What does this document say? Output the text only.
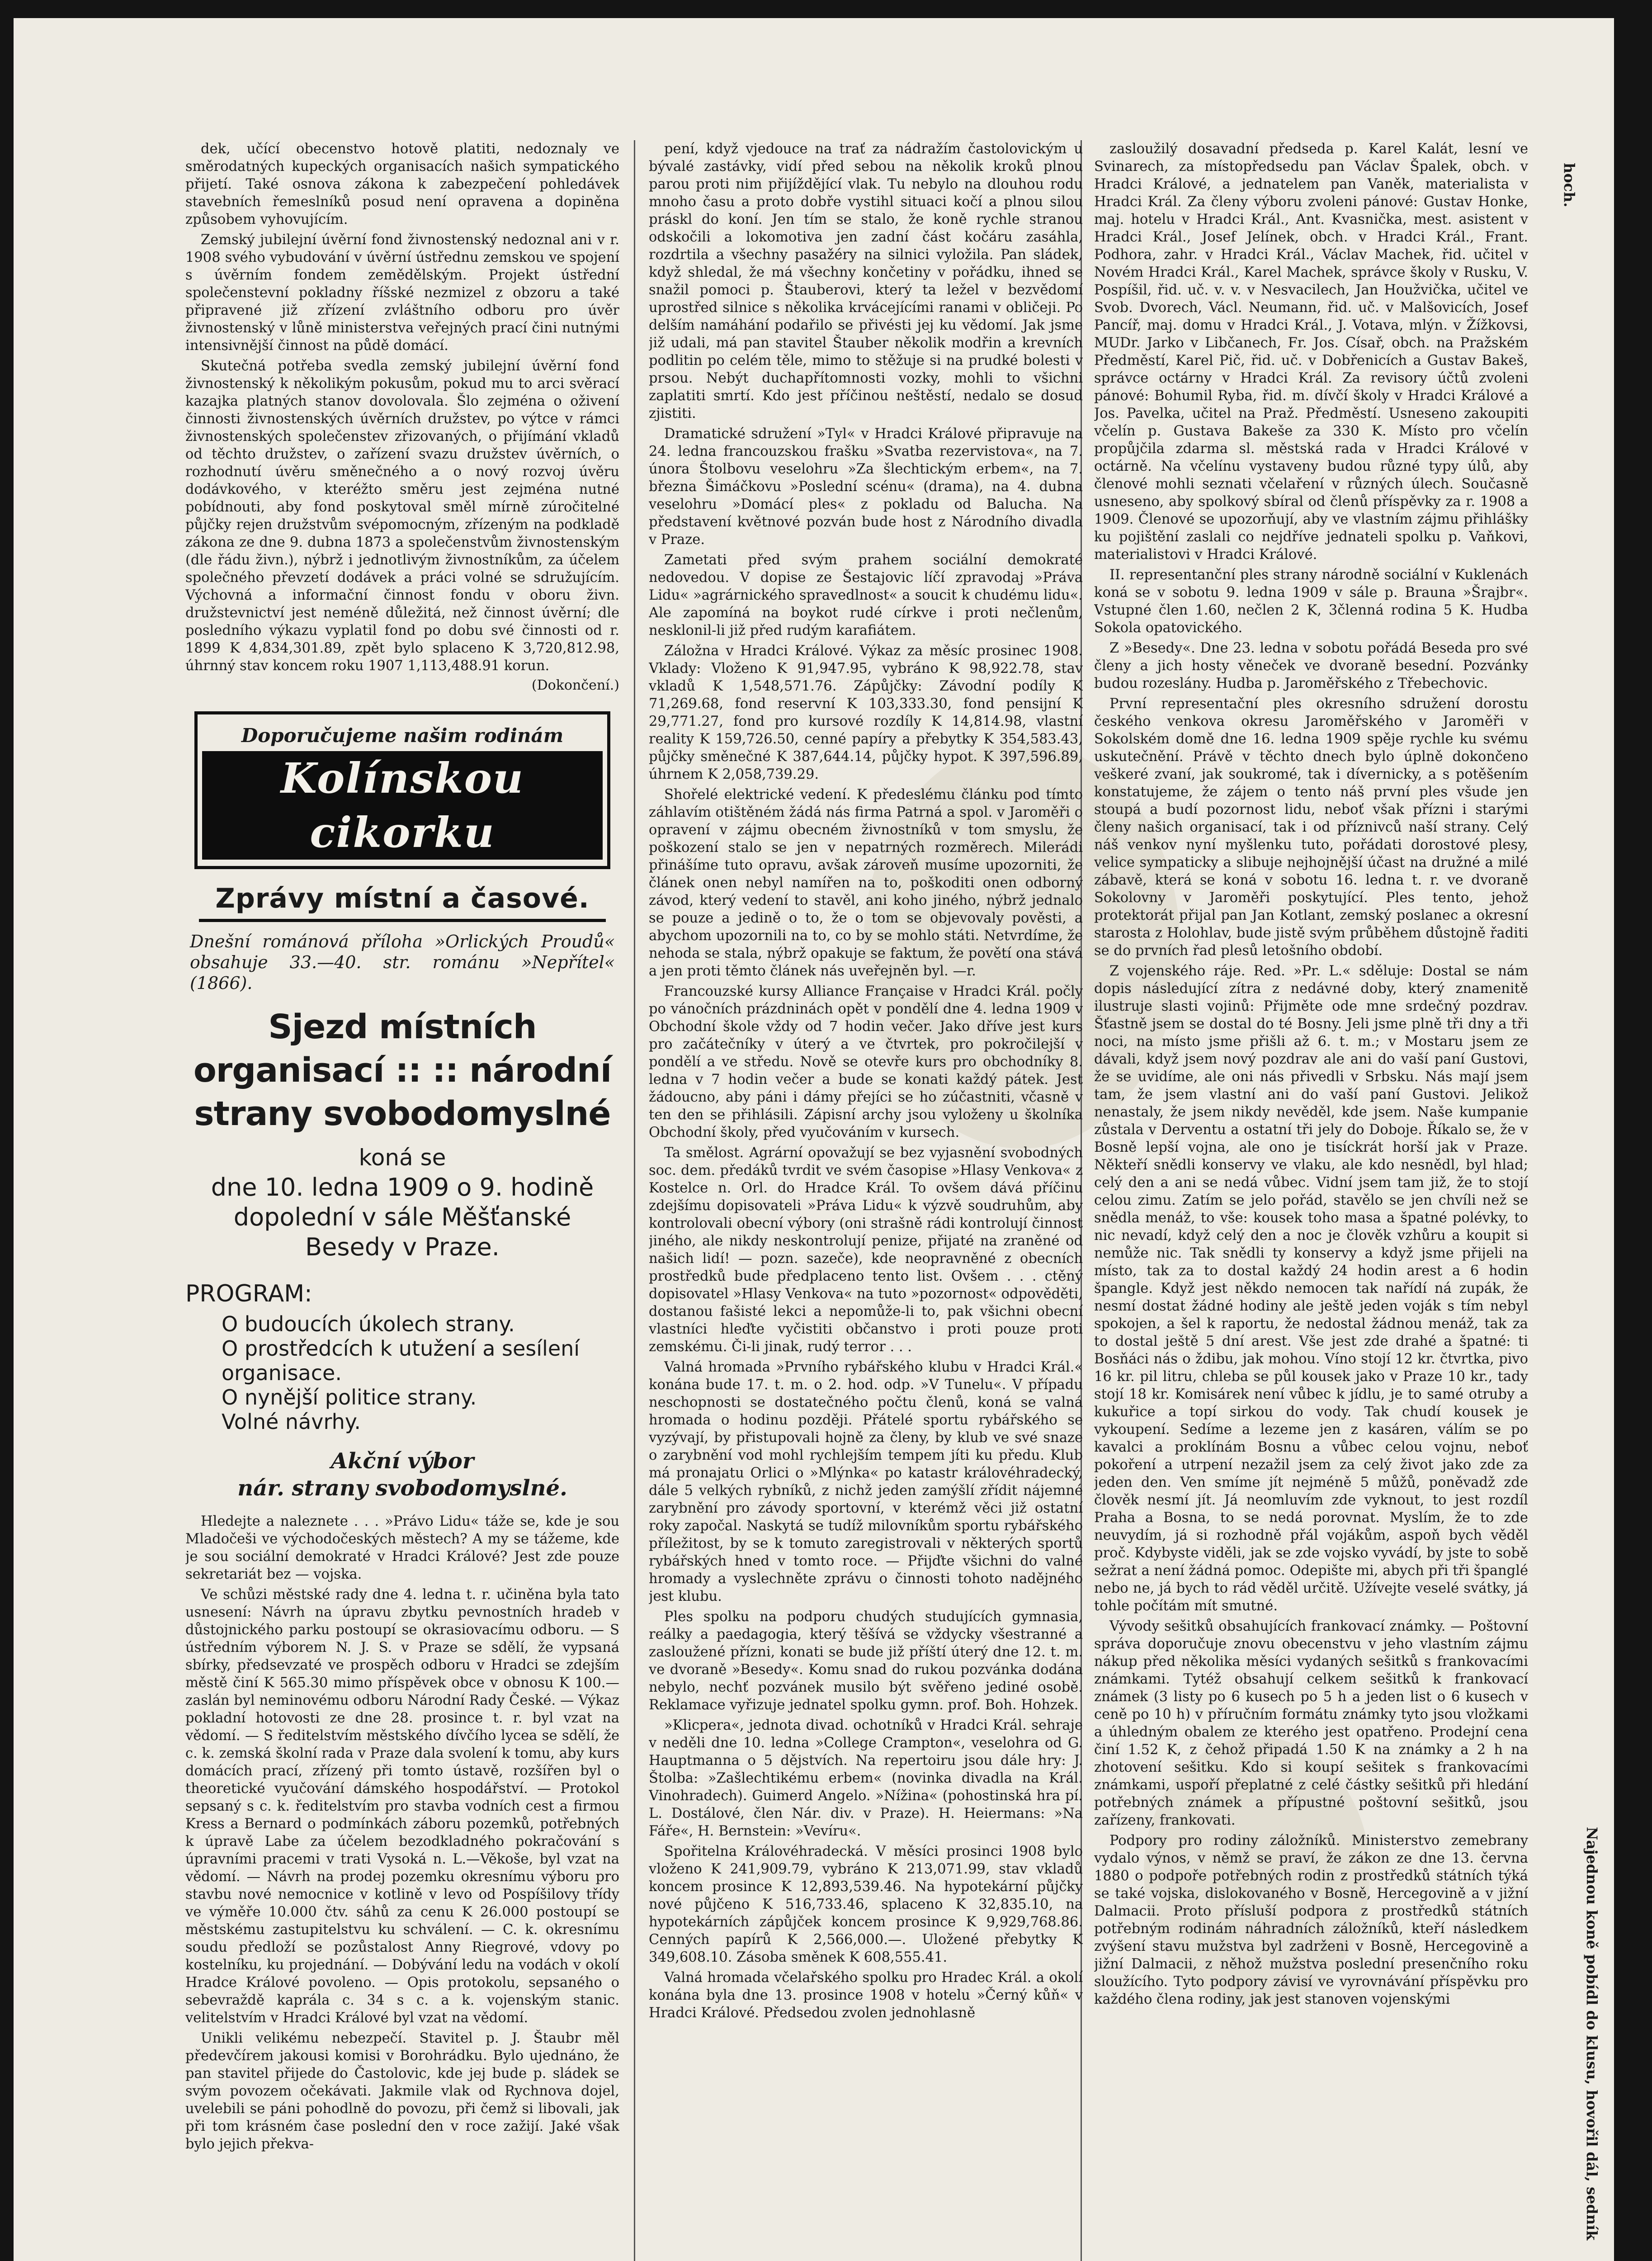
dek, učící obecenstvo hotově platiti, nedoznaly ve směrodatných kupeckých organisacích našich sympatického přijetí. Také osnova zákona k zabezpečení pohledávek stavebních řemeslníků posud není opravena a dopiněna způsobem vyhovujícím.

Zemský jubilejní úvěrní fond živnostenský nedoznal ani v r. 1908 svého vybudování v úvěrní ústřednu zemskou ve spojení s úvěrním fondem zemědělským. Projekt ústřední společenstevní pokladny říšské nezmizel z obzoru a také připravené již zřízení zvláštního odboru pro úvěr živnostenský v lůně ministerstva veřejných prací čini nutnými intensivnější činnost na půdě domácí.

Skutečná potřeba svedla zemský jubilejní úvěrní fond živnostenský k několikým pokusům, pokud mu to arci svěrací kazajka platných stanov dovolovala. Šlo zejména o oživení činnosti živnostenských úvěrních družstev, po výtce v rámci živnostenských společenstev zřizovaných, o přijímání vkladů od těchto družstev, o zařízení svazu družstev úvěrních, o rozhodnutí úvěru směnečného a o nový rozvoj úvěru dodávkového, v kteréžto směru jest zejména nutné pobídnouti, aby fond poskytoval směl mírně zúročitelné půjčky rejen družstvům svépomocným, zřízeným na podkladě zákona ze dne 9. dubna 1873 a společenstvům živnostenským (dle řádu živn.), nýbrž i jednotlivým živnostníkům, za účelem společného převzetí dodávek a práci volné se sdružujícím. Výchovná a informační činnost fondu v oboru živn. družstevnictví jest neméně důležitá, než činnost úvěrní; dle posledního výkazu vyplatil fond po dobu své činnosti od r. 1899 K 4,834,301.89, zpět bylo splaceno K 3,720,812.98, úhrnný stav koncem roku 1907 1,113,488.91 korun.

(Dokončení.)

Doporučujeme našim rodinám
Kolínskou cikorku
Zprávy místní a časové.
Dnešní románová příloha »Orlických Proudů« obsahuje 33.—40. str. románu »Nepřítel« (1866).
Sjezd místních organisací :: :: národní strany svobodomyslné
koná se
dne 10. ledna 1909 o 9. hodině dopolední v sále Měšťanské Besedy v Praze.
PROGRAM:
O budoucích úkolech strany.
O prostředcích k utužení a sesílení organisace.
O nynější politice strany.
Volné návrhy.
Akční výbor
nár. strany svobodomyslné.

Hledejte a naleznete . . . »Právo Lidu« táže se, kde je sou Mladočeši ve východočeských městech? A my se tážeme, kde je sou sociální demokraté v Hradci Králové? Jest zde pouze sekretariát bez — vojska.

Ve schůzi městské rady dne 4. ledna t. r. učiněna byla tato usnesení: Návrh na úpravu zbytku pevnostních hradeb v důstojnického parku postoupí se okrasiovacímu odboru. — S ústředním výborem N. J. S. v Praze se sdělí, že vypsaná sbírky, předsevzaté ve prospěch odboru v Hradci se zdejším městě činí K 565.30 mimo příspěvek obce v obnosu K 100.— zaslán byl neminovému odboru Národní Rady České. — Výkaz pokladní hotovosti ze dne 28. prosince t. r. byl vzat na vědomí. — S ředitelstvím městského dívčího lycea se sdělí, že c. k. zemská školní rada v Praze dala svolení k tomu, aby kurs domácích prací, zřízený při tomto ústavě, rozšířen byl o theoretické vyučování dámského hospodářství. — Protokol sepsaný s c. k. ředitelstvím pro stavba vodních cest a firmou Kress a Bernard o podmínkách záboru pozemků, potřebných k úpravě Labe za účelem bezodkladného pokračování s úpravními pracemi v trati Vysoká n. L.—Věkoše, byl vzat na vědomí. — Návrh na prodej pozemku okresnímu výboru pro stavbu nové nemocnice v kotlině v levo od Pospíšilovy třídy ve výměře 10.000 čtv. sáhů za cenu K 26.000 postoupí se městskému zastupitelstvu ku schválení. — C. k. okresnímu soudu předloží se pozůstalost Anny Riegrové, vdovy po kostelníku, ku projednání. — Dobývání ledu na vodách v okolí Hradce Králové povoleno. — Opis protokolu, sepsaného o sebevraždě kaprála c. 34 s c. a k. vojenským stanic. velitelstvím v Hradci Králové byl vzat na vědomí.

Unikli velikému nebezpečí. Stavitel p. J. Štaubr měl předevčírem jakousi komisi v Borohrádku. Bylo ujednáno, že pan stavitel přijede do Častolovic, kde jej bude p. sládek se svým povozem očekávati. Jakmile vlak od Rychnova dojel, uvelebili se páni pohodlně do povozu, při čemž si libovali, jak při tom krásném čase poslední den v roce zažijí. Jaké však bylo jejich překva-

pení, když vjedouce na trať za nádražím častolovickým u bývalé zastávky, vidí před sebou na několik kroků plnou parou proti nim přijíždějící vlak. Tu nebylo na dlouhou rodu mnoho času a proto dobře vystihl situaci kočí a plnou silou práskl do koní. Jen tím se stalo, že koně rychle stranou odskočili a lokomotiva jen zadní část kočáru zasáhla, rozdrtila a všechny pasažéry na silnici vyložila. Pan sládek, když shledal, že má všechny končetiny v pořádku, ihned se snažil pomoci p. Štauberovi, který ta ležel v bezvědomí uprostřed silnice s několika krvácejícími ranami v obličeji. Po delším namáhání podařilo se přivésti jej ku vědomí. Jak jsme již udali, má pan stavitel Štauber několik modřin a krevních podlitin po celém těle, mimo to stěžuje si na prudké bolesti v prsou. Nebýt duchapřítomnosti vozky, mohli to všichni zaplatiti smrtí. Kdo jest příčinou neštěstí, nedalo se dosud zjistiti.

Dramatické sdružení »Tyl« v Hradci Králové připravuje na 24. ledna francouzskou frašku »Svatba rezervistova«, na 7. února Štolbovu veselohru »Za šlechtickým erbem«, na 7. března Šimáčkovu »Poslední scénu« (drama), na 4. dubna veselohru »Domácí ples« z pokladu od Balucha. Na představení květnové pozván bude host z Národního divadla v Praze.

Zametati před svým prahem sociální demokraté nedovedou. V dopise ze Šestajovic líčí zpravodaj »Práva Lidu« »agrárnického spravedlnost« a soucit k chudému lidu«. Ale zapomíná na boykot rudé církve i proti nečlenům, nesklonil-li již před rudým karafiátem.

Záložna v Hradci Králové. Výkaz za měsíc prosinec 1908. Vklady: Vloženo K 91,947.95, vybráno K 98,922.78, stav vkladů K 1,548,571.76. Zápůjčky: Závodní podíly K 71,269.68, fond reservní K 103,333.30, fond pensijní K 29,771.27, fond pro kursové rozdíly K 14,814.98, vlastní reality K 159,726.50, cenné papíry a přebytky K 354,583.43, půjčky směnečné K 387,644.14, půjčky hypot. K 397,596.89, úhrnem K 2,058,739.29.

Shořelé elektrické vedení. K předeslému článku pod tímto záhlavím otištěném žádá nás firma Patrná a spol. v Jaroměři o opravení v zájmu obecném živnostníků v tom smyslu, že poškození stalo se jen v nepatrných rozměrech. Milerádi přinášíme tuto opravu, avšak zároveň musíme upozorniti, že článek onen nebyl namířen na to, poškoditi onen odborný závod, který vedení to stavěl, ani koho jiného, nýbrž jednalo se pouze a jedině o to, že o tom se objevovaly pověsti, a abychom upozornili na to, co by se mohlo státi. Netvrdíme, že nehoda se stala, nýbrž opakuje se faktum, že povětí ona stává a jen proti těmto článek nás uveřejněn byl. —r.

Francouzské kursy Alliance Française v Hradci Král. počly po vánočních prázdninách opět v pondělí dne 4. ledna 1909 v Obchodní škole vždy od 7 hodin večer. Jako dříve jest kurs pro začátečníky v úterý a ve čtvrtek, pro pokročilejší v pondělí a ve středu. Nově se otevře kurs pro obchodníky 8. ledna v 7 hodin večer a bude se konati každý pátek. Jest žádoucno, aby páni i dámy přejíci se ho zúčastniti, včasně v ten den se přihlásili. Zápisní archy jsou vyloženy u školníka Obchodní školy, před vyučováním v kursech.

Ta smělost. Agrární opovažují se bez vyjasnění svobodných soc. dem. předáků tvrdit ve svém časopise »Hlasy Venkova« z Kostelce n. Orl. do Hradce Král. To ovšem dává příčinu zdejšímu dopisovateli »Práva Lidu« k výzvě soudruhům, aby kontrolovali obecní výbory (oni strašně rádi kontrolují činnost jiného, ale nikdy neskontrolují penize, přijaté na zraněné od našich lidí! — pozn. sazeče), kde neopravněné z obecních prostředků bude předplaceno tento list. Ovšem . . . ctěný dopisovatel »Hlasy Venkova« na tuto »pozornost« odpověděti, dostanou fašisté lekci a nepomůže-li to, pak všichni obecní vlastníci hleďte vyčistiti občanstvo i proti pouze proti zemskému. Či-li jinak, rudý terror . . .

Valná hromada »Prvního rybářského klubu v Hradci Král.« konána bude 17. t. m. o 2. hod. odp. »V Tunelu«. V případu neschopnosti se dostatečného počtu členů, koná se valná hromada o hodinu později. Přátelé sportu rybářského se vyzývají, by přistupovali hojně za členy, by klub ve své snaze o zarybnění vod mohl rychlejším tempem jíti ku předu. Klub má pronajatu Orlici o »Mlýnka« po katastr královéhradecký, dále 5 velkých rybníků, z nichž jeden zamýšlí zřídit nájemné zarybnění pro závody sportovní, v kterémž věci již ostatní roky započal. Naskytá se tudíž milovníkům sportu rybářského příležitost, by se k tomuto zaregistrovali v některých sportů rybářských hned v tomto roce. — Přijďte všichni do valné hromady a vyslechněte zprávu o činnosti tohoto nadějného jest klubu.

Ples spolku na podporu chudých studujících gymnasia, reálky a paedagogia, který těšívá se vždycky všestranné a zasloužené přízni, konati se bude již příští úterý dne 12. t. m. ve dvoraně »Besedy«. Komu snad do rukou pozvánka dodána nebylo, nechť pozvánek musilo být svěřeno jediné osobě. Reklamace vyřizuje jednatel spolku gymn. prof. Boh. Hohzek.

»Klicpera«, jednota divad. ochotníků v Hradci Král. sehraje v neděli dne 10. ledna »College Crampton«, veselohra od G. Hauptmanna o 5 dějstvích. Na repertoiru jsou dále hry: J. Štolba: »Zašlechtikému erbem« (novinka divadla na Král. Vinohradech). Guimerd Angelo. »Nížina« (pohostinská hra pí. L. Dostálové, člen Nár. div. v Praze). H. Heiermans: »Na Fáře«, H. Bernstein: »Vevíru«.

Spořitelna Královéhradecká. V měsíci prosinci 1908 bylo vloženo K 241,909.79, vybráno K 213,071.99, stav vkladů koncem prosince K 12,893,539.46. Na hypotekární půjčky nové půjčeno K 516,733.46, splaceno K 32,835.10, na hypotekárních zápůjček koncem prosince K 9,929,768.86. Cenných papírů K 2,566,000.—. Uložené přebytky K 349,608.10. Zásoba směnek K 608,555.41.

Valná hromada včelařského spolku pro Hradec Král. a okolí konána byla dne 13. prosince 1908 v hotelu »Černý kůň« v Hradci Králové. Předsedou zvolen jednohlasně

zasloužilý dosavadní předseda p. Karel Kalát, lesní ve Svinarech, za místopředsedu pan Václav Špalek, obch. v Hradci Králové, a jednatelem pan Vaněk, materialista v Hradci Král. Za členy výboru zvoleni pánové: Gustav Honke, maj. hotelu v Hradci Král., Ant. Kvasnička, mest. asistent v Hradci Král., Josef Jelínek, obch. v Hradci Král., Frant. Podhora, zahr. v Hradci Král., Václav Machek, řid. učitel v Novém Hradci Král., Karel Machek, správce školy v Rusku, V. Pospíšil, řid. uč. v. v. v Nesvacilech, Jan Houžvička, učitel ve Svob. Dvorech, Václ. Neumann, řid. uč. v Malšovicích, Josef Pancíř, maj. domu v Hradci Král., J. Votava, mlýn. v Žížkovsi, MUDr. Jarko v Libčanech, Fr. Jos. Císař, obch. na Pražském Předměstí, Karel Pič, řid. uč. v Dobřenicích a Gustav Bakeš, správce octárny v Hradci Král. Za revisory účtů zvoleni pánové: Bohumil Ryba, řid. m. dívčí školy v Hradci Králové a Jos. Pavelka, učitel na Praž. Předměstí. Usneseno zakoupiti včelín p. Gustava Bakeše za 330 K. Místo pro včelín propůjčila zdarma sl. městská rada v Hradci Králové v octárně. Na včelínu vystaveny budou různé typy úlů, aby členové mohli seznati včelaření v různých úlech. Současně usneseno, aby spolkový sbíral od členů příspěvky za r. 1908 a 1909. Členové se upozorňují, aby ve vlastním zájmu přihlášky ku pojištění zaslali co nejdříve jednateli spolku p. Vaňkovi, materialistovi v Hradci Králové.

II. representanční ples strany národně sociální v Kuklenách koná se v sobotu 9. ledna 1909 v sále p. Brauna »Šrajbr«. Vstupné člen 1.60, nečlen 2 K, 3členná rodina 5 K. Hudba Sokola opatovického.

Z »Besedy«. Dne 23. ledna v sobotu pořádá Beseda pro své členy a jich hosty věneček ve dvoraně besední. Pozvánky budou rozeslány. Hudba p. Jaroměřského z Třebechovic.

První representační ples okresního sdružení dorostu českého venkova okresu Jaroměřského v Jaroměři v Sokolském domě dne 16. ledna 1909 spěje rychle ku svému uskutečnění. Právě v těchto dnech bylo úplně dokončeno veškeré zvaní, jak soukromé, tak i dívernicky, a s potěšením konstatujeme, že zájem o tento náš první ples všude jen stoupá a budí pozornost lidu, neboť však přízni i starými členy našich organisací, tak i od příznivců naší strany. Celý náš venkov nyní myšlenku tuto, pořádati dorostové plesy, velice sympaticky a slibuje nejhojnější účast na družné a milé zábavě, která se koná v sobotu 16. ledna t. r. ve dvoraně Sokolovny v Jaroměři poskytující. Ples tento, jehož protektorát přijal pan Jan Kotlant, zemský poslanec a okresní starosta z Holohlav, bude jistě svým průběhem důstojně řaditi se do prvních řad plesů letošního období.

Z vojenského ráje. Red. »Pr. L.« sděluje: Dostal se nám dopis následující zítra z nedávné doby, který znamenitě ilustruje slasti vojinů: Přijměte ode mne srdečný pozdrav. Šťastně jsem se dostal do té Bosny. Jeli jsme plně tři dny a tři noci, na místo jsme přišli až 6. t. m.; v Mostaru jsem ze dávali, když jsem nový pozdrav ale ani do vaší paní Gustovi, že se uvidíme, ale oni nás přivedli v Srbsku. Nás mají jsem tam, že jsem vlastní ani do vaší paní Gustovi. Jelikož nenastaly, že jsem nikdy nevěděl, kde jsem. Naše kumpanie zůstala v Derventu a ostatní tři jely do Doboje. Říkalo se, že v Bosně lepší vojna, ale ono je tisíckrát horší jak v Praze. Někteří snědli konservy ve vlaku, ale kdo nesnědl, byl hlad; celý den a ani se nedá vůbec. Vidní jsem tam již, že to stojí celou zimu. Zatím se jelo pořád, stavělo se jen chvíli než se snědla menáž, to vše: kousek toho masa a špatné polévky, to nic nevadí, když celý den a noc je člověk vzhůru a koupit si nemůže nic. Tak snědli ty konservy a když jsme přijeli na místo, tak za to dostal každý 24 hodin arest a 6 hodin špangle. Když jest někdo nemocen tak nařídí ná zupák, že nesmí dostat žádné hodiny ale ještě jeden voják s tím nebyl spokojen, a šel k raportu, že nedostal žádnou menáž, tak za to dostal ještě 5 dní arest. Vše jest zde drahé a špatné: ti Bosňáci nás o ždibu, jak mohou. Víno stojí 12 kr. čtvrtka, pivo 16 kr. pil litru, chleba se půl kousek jako v Praze 10 kr., tady stojí 18 kr. Komisárek není vůbec k jídlu, je to samé otruby a kukuřice a topí sirkou do vody. Tak chudí kousek je vykoupení. Sedíme a lezeme jen z kasáren, válím se po kavalci a proklínám Bosnu a vůbec celou vojnu, neboť pokoření a utrpení nezažil jsem za celý život jako zde za jeden den. Ven smíme jít nejméně 5 můžů, poněvadž zde člověk nesmí jít. Já neomluvím zde vyknout, to jest rozdíl Praha a Bosna, to se nedá porovnat. Myslím, že to zde neuvydím, já si rozhodně přál vojákům, aspoň bych věděl proč. Kdybyste viděli, jak se zde vojsko vyvádí, by jste to sobě sežrat a není žádná pomoc. Odepište mi, abych při tři španglé nebo ne, já bych to rád věděl určitě. Užívejte veselé svátky, já tohle počítám mít smutné.

Vývody sešitků obsahujících frankovací známky. — Poštovní správa doporučuje znovu obecenstvu v jeho vlastním zájmu nákup před několika měsíci vydaných sešitků s frankovacími známkami. Tytéž obsahují celkem sešitků k frankovací známek (3 listy po 6 kusech po 5 h a jeden list o 6 kusech v ceně po 10 h) v příručním formátu známky tyto jsou vložkami a úhledným obalem ze kterého jest opatřeno. Prodejní cena činí 1.52 K, z čehož připadá 1.50 K na známky a 2 h na zhotovení sešitku. Kdo si koupí sešitek s frankovacími známkami, uspoří přeplatné z celé částky sešitků při hledání potřebných známek a přípustné poštovní sešitků, jsou zařízeny, frankovati.

Podpory pro rodiny záložníků. Ministerstvo zemebrany vydalo výnos, v němž se praví, že zákon ze dne 13. června 1880 o podpoře potřebných rodin z prostředků státních týká se také vojska, dislokovaného v Bosně, Hercegovině a v jižní Dalmacii. Proto přísluší podpora z prostředků státních potřebným rodinám náhradních záložníků, kteří následkem zvýšení stavu mužstva byl zadrženi v Bosně, Hercegovině a jižní Dalmacii, z něhož mužstva poslední presenčního roku sloužícího. Tyto podpory závisí ve vyrovnávání příspěvku pro každého člena rodiny, jak jest stanoven vojenskými

hoch.
Najednou koně pobídl do klusu, hovořil dál, sedník
